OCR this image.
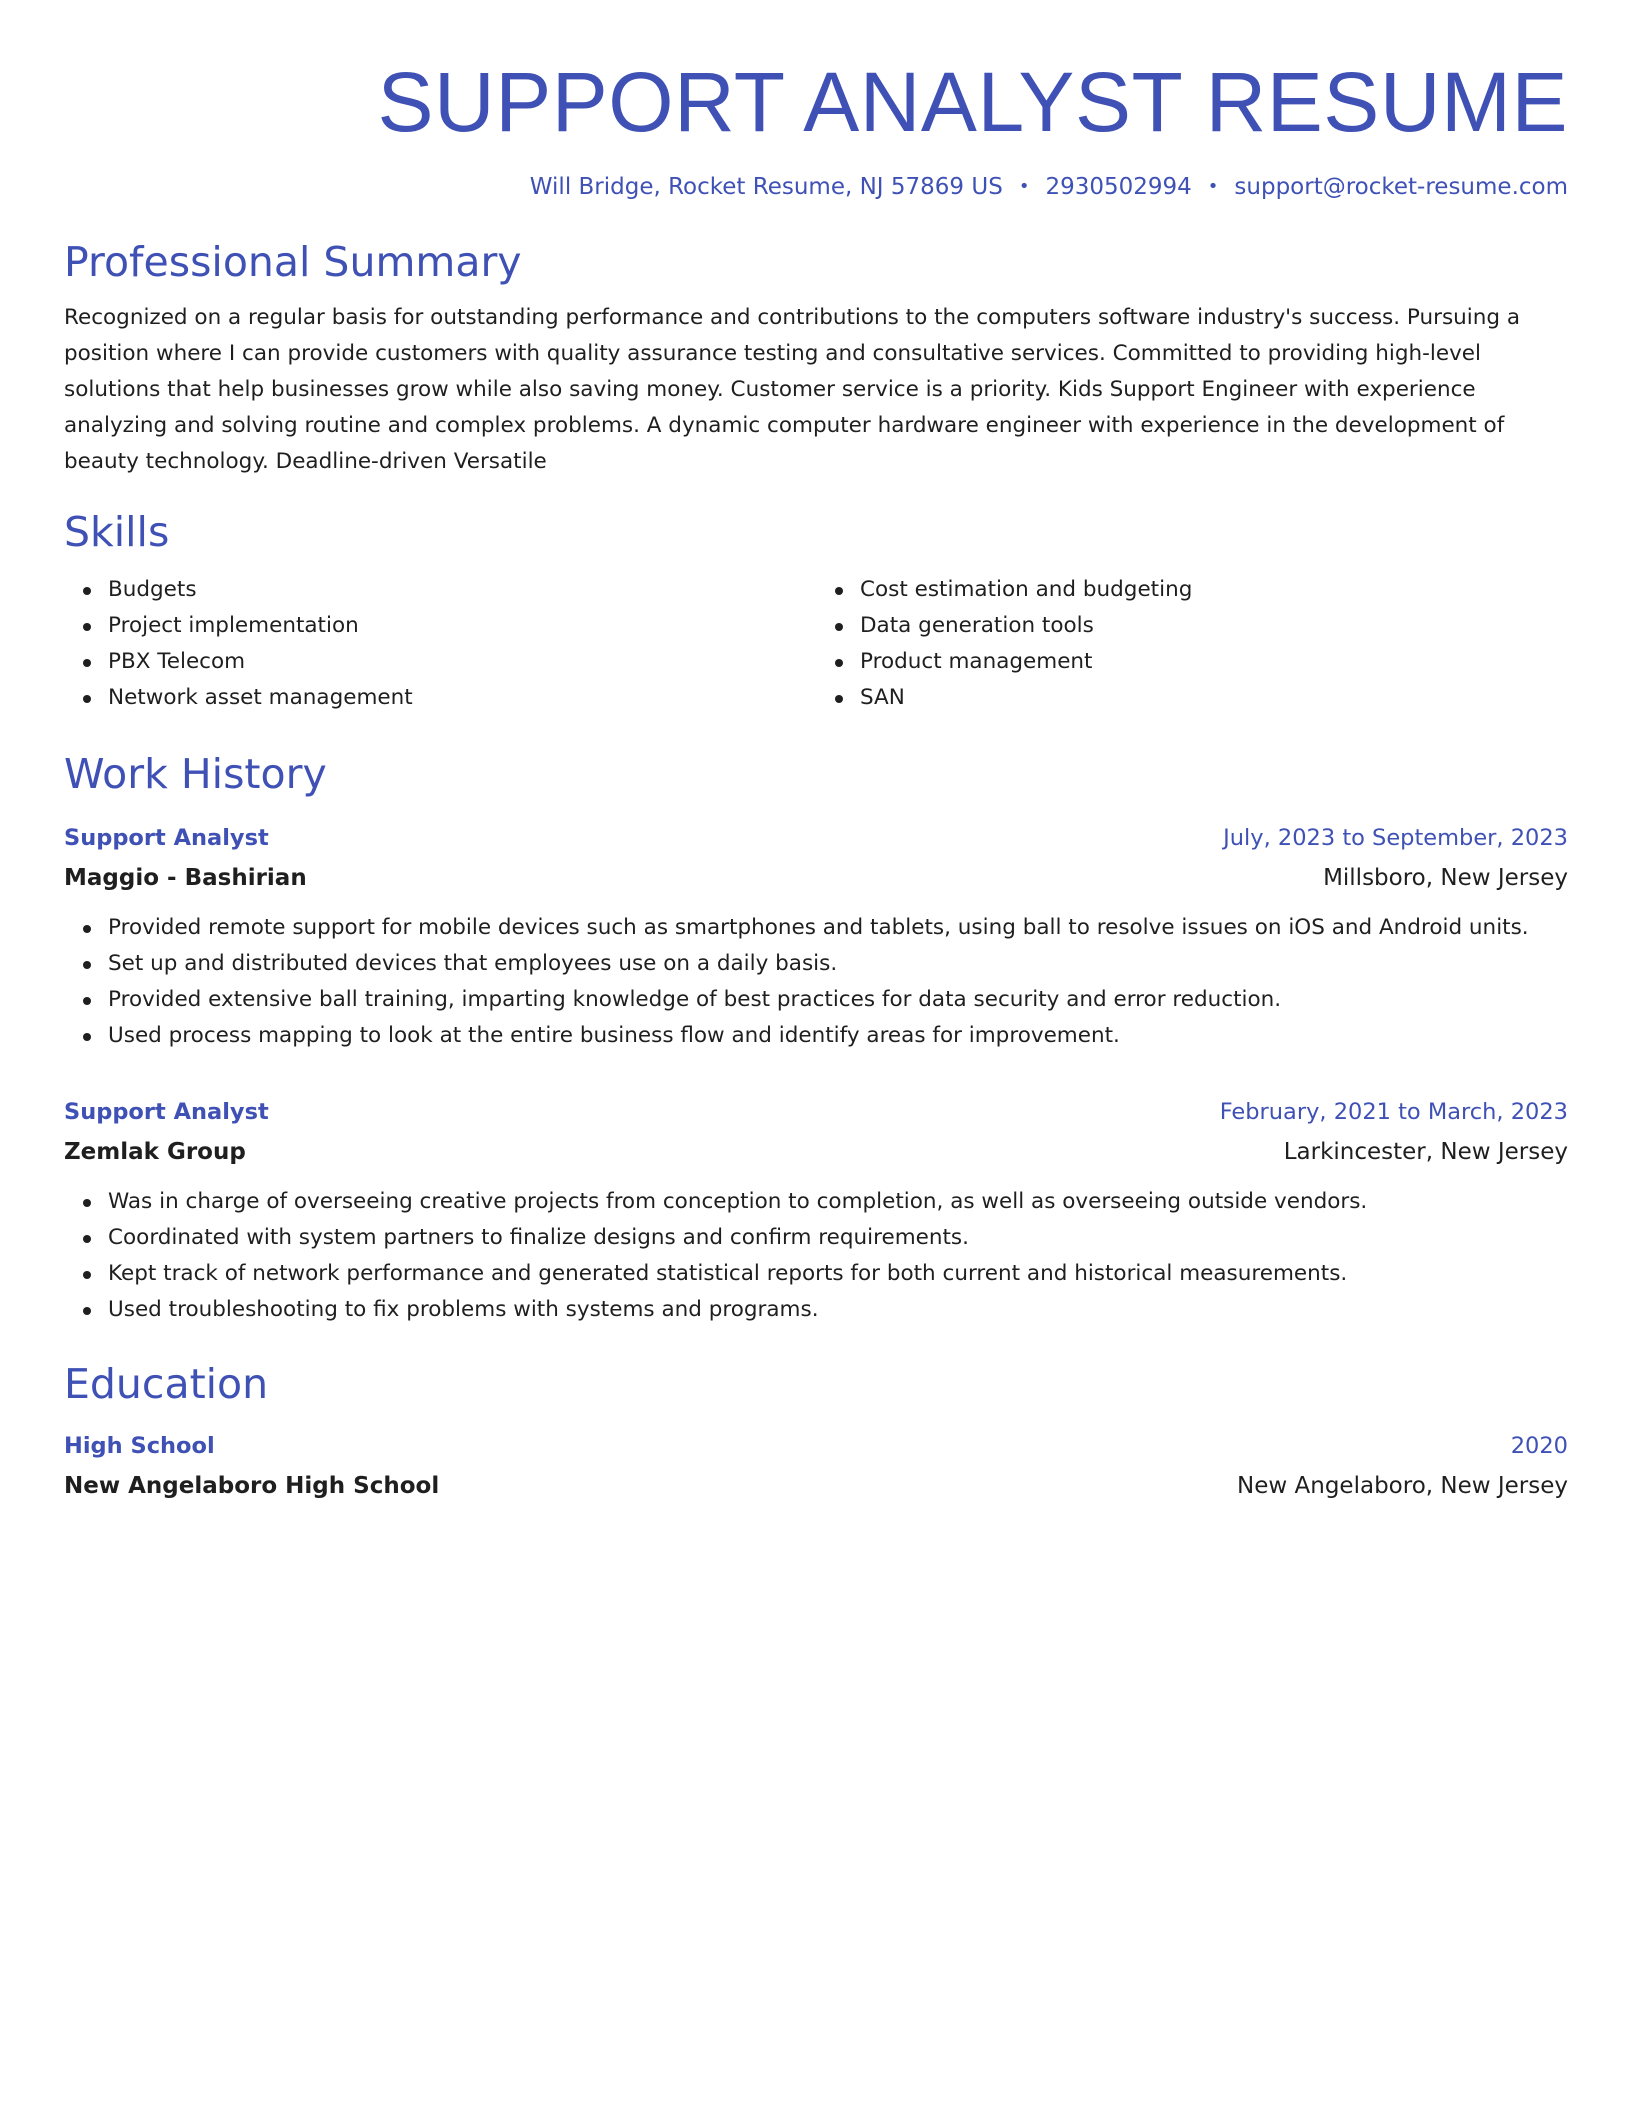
SUPPORT ANALYST RESUME
Will Bridge, Rocket Resume, NJ 57869 US • 2930502994 • support@rocket-resume.com
Professional Summary

Recognized on a regular basis for outstanding performance and contributions to the computers software industry's success. Pursuing a position where I can provide customers with quality assurance testing and consultative services. Committed to providing high-level solutions that help businesses grow while also saving money. Customer service is a priority. Kids Support Engineer with experience analyzing and solving routine and complex problems. A dynamic computer hardware engineer with experience in the development of beauty technology. Deadline-driven Versatile

Skills
Budgets
Project implementation
PBX Telecom
Network asset management
Cost estimation and budgeting
Data generation tools
Product management
SAN
Work History
Support Analyst	July, 2023 to September, 2023
Maggio - Bashirian	Millsboro, New Jersey
Provided remote support for mobile devices such as smartphones and tablets, using ball to resolve issues on iOS and Android units.
Set up and distributed devices that employees use on a daily basis.
Provided extensive ball training, imparting knowledge of best practices for data security and error reduction.
Used process mapping to look at the entire business flow and identify areas for improvement.
Support Analyst	February, 2021 to March, 2023
Zemlak Group	Larkincester, New Jersey
Was in charge of overseeing creative projects from conception to completion, as well as overseeing outside vendors.
Coordinated with system partners to finalize designs and confirm requirements.
Kept track of network performance and generated statistical reports for both current and historical measurements.
Used troubleshooting to fix problems with systems and programs.
Education
High School	2020
New Angelaboro High School	New Angelaboro, New Jersey
